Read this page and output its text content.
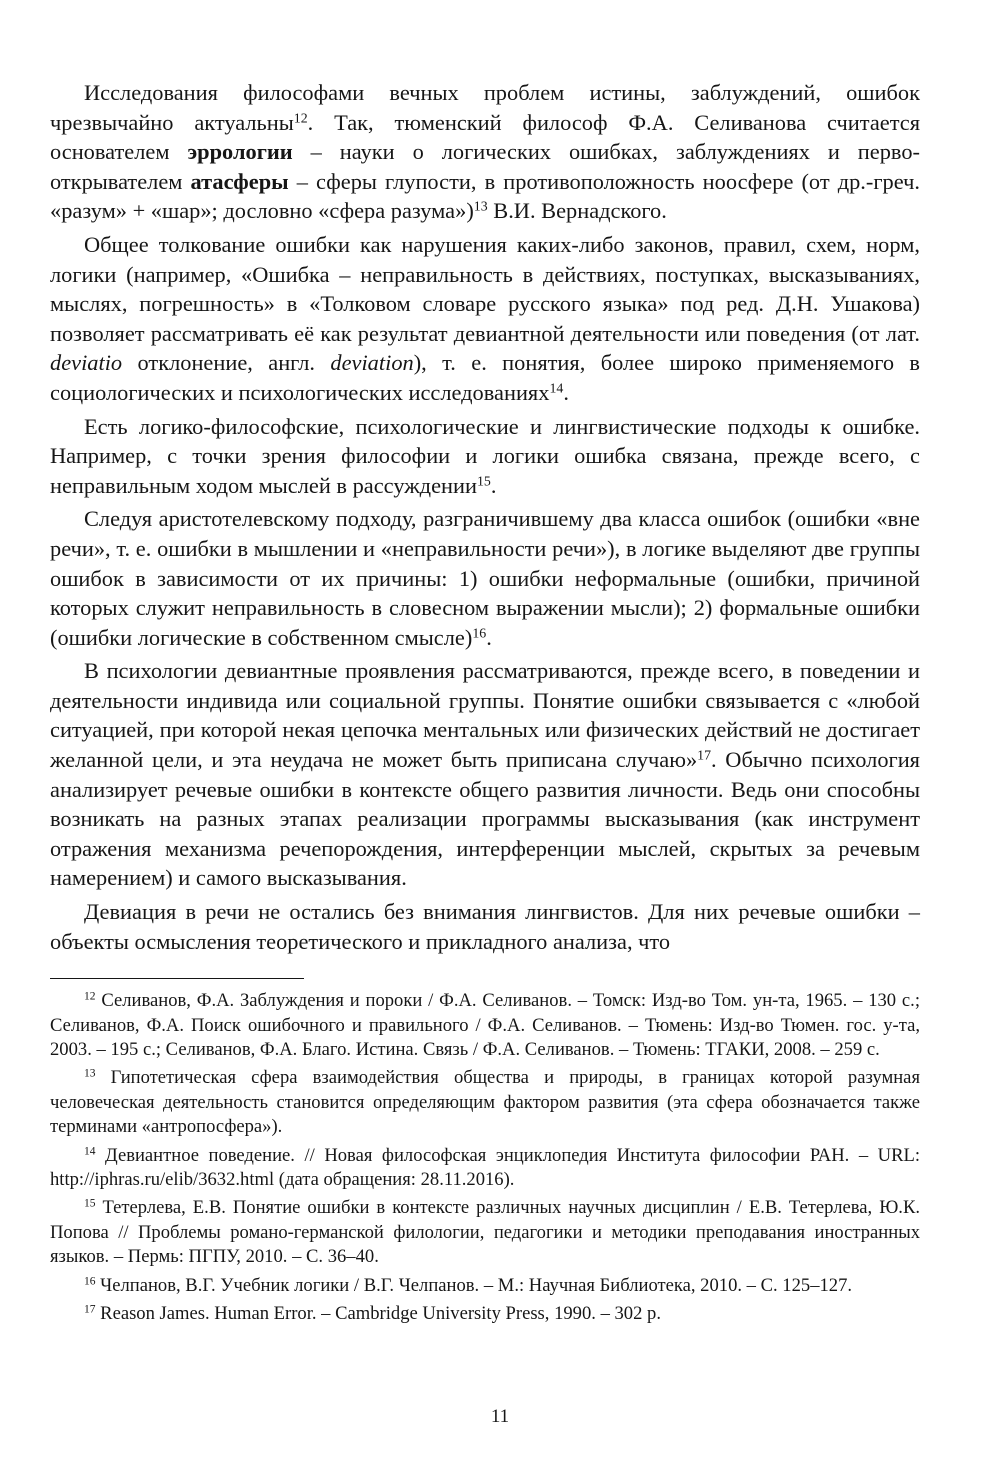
Исследования философами вечных проблем истины, заблуждений, ошибок чрезвычайно актуальны$^{12}$. Так, тюменский философ Ф.А. Селиванова считается основателем эррологии – науки о логических ошибках, заблуждениях и первооткрывателем атасферы – сферы глупости, в противоположность ноосфере (от др.-греч. «разум» + «шар»; дословно «сфера разума»)$^{13}$ В.И. Вернадского.

Общее толкование ошибки как нарушения каких-либо законов, правил, схем, норм, логики (например, «Ошибка – неправильность в действиях, поступках, высказываниях, мыслях, погрешность» в «Толковом словаре русского языка» под ред. Д.Н. Ушакова) позволяет рассматривать её как результат девиантной деятельности или поведения (от лат. deviatio отклонение, англ. deviation), т. е. понятия, более широко применяемого в социологических и психологических исследованиях$^{14}$.

Есть логико-философские, психологические и лингвистические подходы к ошибке. Например, с точки зрения философии и логики ошибка связана, прежде всего, с неправильным ходом мыслей в рассуждении$^{15}$.

Следуя аристотелевскому подходу, разграничившему два класса ошибок (ошибки «вне речи», т. е. ошибки в мышлении и «неправильности речи»), в логике выделяют две группы ошибок в зависимости от их причины: 1) ошибки неформальные (ошибки, причиной которых служит неправильность в словесном выражении мысли); 2) формальные ошибки (ошибки логические в собственном смысле)$^{16}$.

В психологии девиантные проявления рассматриваются, прежде всего, в поведении и деятельности индивида или социальной группы. Понятие ошибки связывается с «любой ситуацией, при которой некая цепочка ментальных или физических действий не достигает желанной цели, и эта неудача не может быть приписана случаю»$^{17}$. Обычно психология анализирует речевые ошибки в контексте общего развития личности. Ведь они способны возникать на разных этапах реализации программы высказывания (как инструмент отражения механизма речепорождения, интерференции мыслей, скрытых за речевым намерением) и самого высказывания.

Девиация в речи не остались без внимания лингвистов. Для них речевые ошибки – объекты осмысления теоретического и прикладного анализа, что

$^{12}$ Селиванов, Ф.А. Заблуждения и пороки / Ф.А. Селиванов. – Томск: Изд-во Том. ун-та, 1965. – 130 с.; Селиванов, Ф.А. Поиск ошибочного и правильного / Ф.А. Селиванов. – Тюмень: Изд-во Тюмен. гос. у-та, 2003. – 195 с.; Селиванов, Ф.А. Благо. Истина. Связь / Ф.А. Селиванов. – Тюмень: ТГАКИ, 2008. – 259 с.

$^{13}$ Гипотетическая сфера взаимодействия общества и природы, в границах которой разумная человеческая деятельность становится определяющим фактором развития (эта сфера обозначается также терминами «антропосфера»).

$^{14}$ Девиантное поведение. // Новая философская энциклопедия Института философии РАН. – URL: http://iphras.ru/elib/3632.html (дата обращения: 28.11.2016).

$^{15}$ Тетерлева, Е.В. Понятие ошибки в контексте различных научных дисциплин / Е.В. Тетерлева, Ю.К. Попова // Проблемы романо-германской филологии, педагогики и методики преподавания иностранных языков. – Пермь: ПГПУ, 2010. – С. 36–40.

$^{16}$ Челпанов, В.Г. Учебник логики / В.Г. Челпанов. – М.: Научная Библиотека, 2010. – С. 125–127.

$^{17}$ Reason James. Human Error. – Cambridge University Press, 1990. – 302 p.

11
